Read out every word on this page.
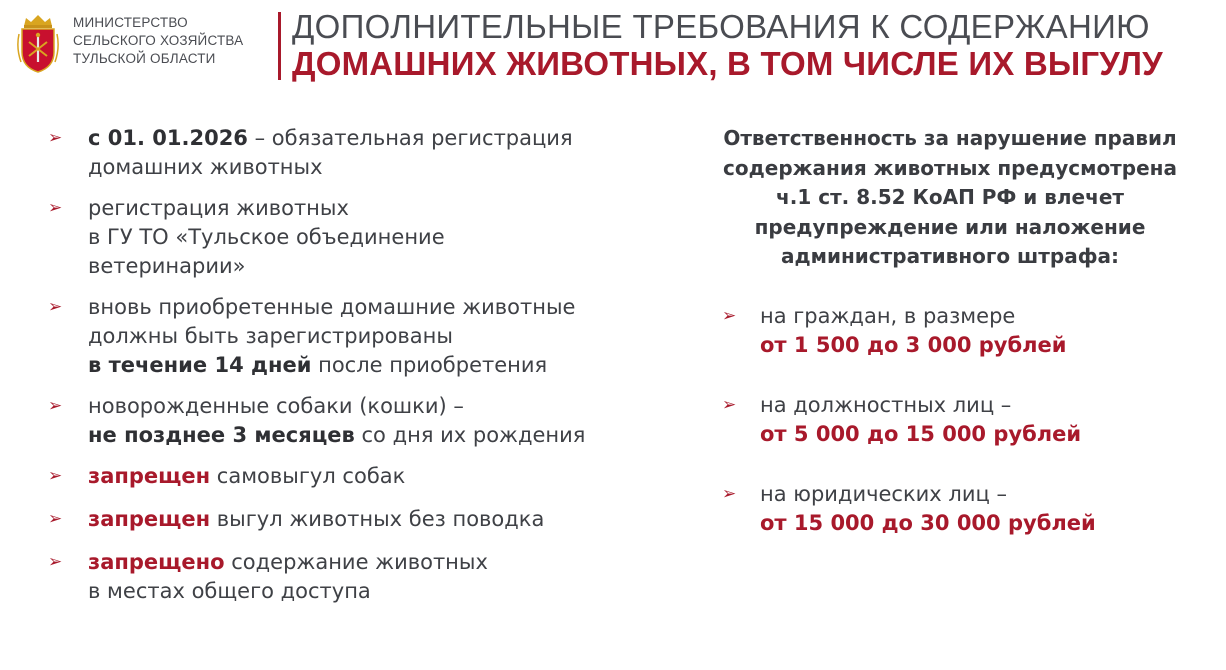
МИНИСТЕРСТВО
СЕЛЬСКОГО ХОЗЯЙСТВА
ТУЛЬСКОЙ ОБЛАСТИ
ДОПОЛНИТЕЛЬНЫЕ ТРЕБОВАНИЯ К СОДЕРЖАНИЮ
ДОМАШНИХ ЖИВОТНЫХ, В ТОМ ЧИСЛЕ ИХ ВЫГУЛУ
➢ с 01. 01.2026 – обязательная регистрация
домашних животных
➢ регистрация животных
в ГУ ТО «Тульское объединение
ветеринарии»
➢ вновь приобретенные домашние животные
должны быть зарегистрированы
в течение 14 дней после приобретения
➢ новорожденные собаки (кошки) –
не позднее 3 месяцев со дня их рождения
➢ запрещен самовыгул собак
➢ запрещен выгул животных без поводка
➢ запрещено содержание животных
в местах общего доступа
Ответственность за нарушение правил
содержания животных предусмотрена
ч.1 ст. 8.52 КоАП РФ и влечет
предупреждение или наложение
административного штрафа:
➢ на граждан, в размере
от 1 500 до 3 000 рублей
➢ на должностных лиц –
от 5 000 до 15 000 рублей
➢ на юридических лиц –
от 15 000 до 30 000 рублей
